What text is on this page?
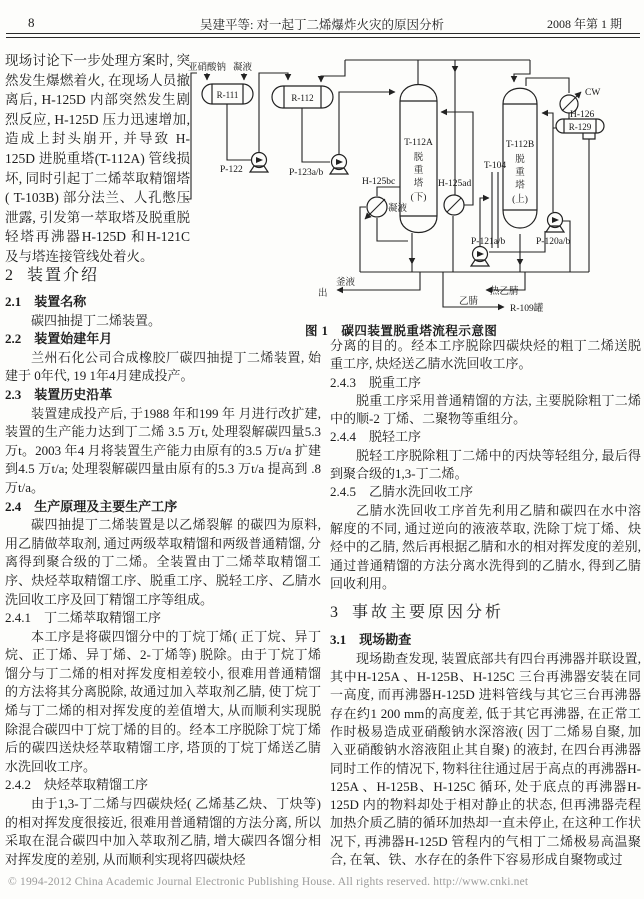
8	吴建平等: 对一起丁二烯爆炸火灾的原因分析	2008 年第 1 期
现场讨论下一步处理方案时, 突然发生爆燃着火, 在现场人员撤离后, H-125D 内部突然发生剧烈反应, H-125D 压力迅速增加, 造成上封头崩开, 并导致 H-125D 进脱重塔(T-112A) 管线损坏, 同时引起丁二烯萃取精馏塔( T-103B) 部分法兰、人孔憋压泄露, 引发第一萃取塔及脱重脱轻塔再沸器H-125D 和H-121C 及与塔连接管线处着火。
2 装置介绍

2.1　装置名称

碳四抽提丁二烯装置。

2.2　装置始建年月

兰州石化公司合成橡胶厂碳四抽提丁二烯装置, 始建于 0年代, 19 1年4月建成投产。

2.3　装置历史沿革

装置建成投产后, 于1988 年和199 年 月进行改扩建, 装置的生产能力达到丁二烯 3.5 万t, 处理裂解碳四量5.3 万t。2003 年4 月将装置生产能力由原有的3.5 万t/a 扩建到4.5 万t/a; 处理裂解碳四量由原有的5.3 万t/a 提高到 .8 万t/a。

2.4　生产原理及主要生产工序

碳四抽提丁二烯装置是以乙烯裂解 的碳四为原料, 用乙腈做萃取剂, 通过两级萃取精馏和两级普通精馏, 分离得到聚合级的丁二烯。全装置由丁二烯萃取精馏工序、炔烃萃取精馏工序、脱重工序、脱轻工序、乙腈水洗回收工序及回丁精馏工序等组成。

2.4.1　丁二烯萃取精馏工序

本工序是将碳四馏分中的丁烷丁烯( 正丁烷、异丁烷、正丁烯、异丁烯、2-丁烯等) 脱除。由于丁烷丁烯馏分与丁二烯的相对挥发度相差较小, 很难用普通精馏的方法将其分离脱除, 故通过加入萃取剂乙腈, 使丁烷丁烯与丁二烯的相对挥发度的差值增大, 从而顺利实现脱除混合碳四中丁烷丁烯的目的。经本工序脱除丁烷丁烯后的碳四送炔烃萃取精馏工序, 塔顶的丁烷丁烯送乙腈水洗回收工序。

2.4.2　炔烃萃取精馏工序

由于1,3-丁二烯与四碳炔烃( 乙烯基乙炔、丁炔等) 的相对挥发度很接近, 很难用普通精馏的方法分离, 所以采取在混合碳四中加入萃取剂乙腈, 增大碳四各馏分相对挥发度的差别, 从而顺利实现将四碳炔烃

R-111	R-112
T-112A
脱
重
塔
(下)
T-112B
脱
重
塔
(上)
R-129
亚硝酸钠 凝液
P-122	P-123a/b
H-125bc
凝液
H-125ad
T-104
CW
H-126
P-121a/b	P-120a/b
釜液
出	热乙腈
乙腈
R-109罐
图 1　碳四装置脱重塔流程示意图

分离的目的。经本工序脱除四碳炔烃的粗丁二烯送脱重工序, 炔烃送乙腈水洗回收工序。

2.4.3　脱重工序

脱重工序采用普通精馏的方法, 主要脱除粗丁二烯中的顺-2 丁烯、二聚物等重组分。

2.4.4　脱轻工序

脱轻工序脱除粗丁二烯中的丙炔等轻组分, 最后得到聚合级的1,3-丁二烯。

2.4.5　乙腈水洗回收工序

乙腈水洗回收工序首先利用乙腈和碳四在水中溶解度的不同, 通过逆向的液液萃取, 洗除丁烷丁烯、炔烃中的乙腈, 然后再根据乙腈和水的相对挥发度的差别, 通过普通精馏的方法分离水洗得到的乙腈水, 得到乙腈回收利用。

3 事故主要原因分析

3.1　现场勘查

现场勘查发现, 装置底部共有四台再沸器并联设置, 其中H-125A 、H-125B、H-125C 三台再沸器安装在同一高度, 而再沸器H-125D 进料管线与其它三台再沸器存在约1 200 mm的高度差, 低于其它再沸器, 在正常工作时极易造成亚硝酸钠水深溶液( 因丁二烯易自聚, 加入亚硝酸钠水溶液阻止其自聚) 的液封, 在四台再沸器同时工作的情况下, 物料往往通过居于高点的再沸器H-125A 、H-125B、H-125C 循环, 处于底点的再沸器H-125D 内的物料却处于相对静止的状态, 但再沸器壳程加热介质乙腈的循环加热却一直未停止, 在这种工作状况下, 再沸器H-125D 管程内的气相丁二烯极易高温聚合, 在氧、铁、水存在的条件下容易形成自聚物或过

© 1994-2012 China Academic Journal Electronic Publishing House. All rights reserved. http://www.cnki.net
